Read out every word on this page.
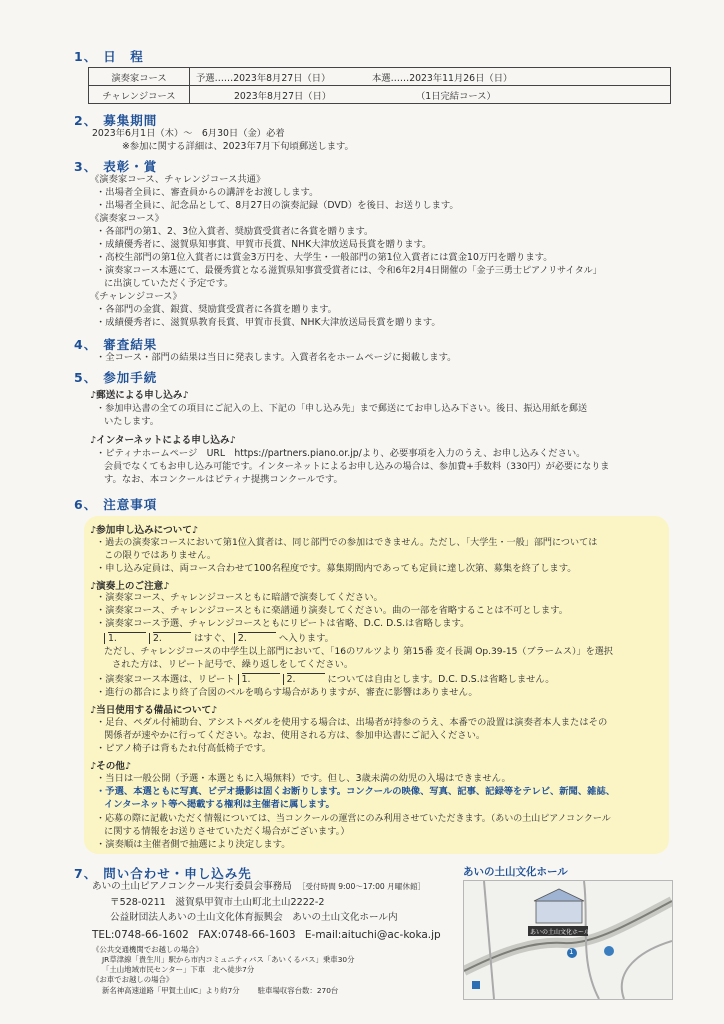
1、 日　程
演奏家コース	予選……2023年8月27日（日） 本選……2023年11月26日（日）
チャレンジコース	2023年8月27日（日） （1日完結コース）
2、 募集期間
2023年6月1日（木）～　6月30日（金）必着
※参加に関する詳細は、2023年7月下旬頃郵送します。
3、 表彰・賞
《演奏家コース、チャレンジコース共通》
・出場者全員に、審査員からの講評をお渡しします。
・出場者全員に、記念品として、8月27日の演奏記録（DVD）を後日、お送りします。
《演奏家コース》
・各部門の第1、2、3位入賞者、奨励賞受賞者に各賞を贈ります。
・成績優秀者に、滋賀県知事賞、甲賀市長賞、NHK大津放送局長賞を贈ります。
・高校生部門の第1位入賞者には賞金3万円を、大学生・一般部門の第1位入賞者には賞金10万円を贈ります。
・演奏家コース本選にて、最優秀賞となる滋賀県知事賞受賞者には、令和6年2月4日開催の「金子三勇士ピアノリサイタル」
に出演していただく予定です。
《チャレンジコース》
・各部門の金賞、銀賞、奨励賞受賞者に各賞を贈ります。
・成績優秀者に、滋賀県教育長賞、甲賀市長賞、NHK大津放送局長賞を贈ります。
4、 審査結果
・全コース・部門の結果は当日に発表します。入賞者名をホームページに掲載します。
5、 参加手続
♪郵送による申し込み♪
・参加申込書の全ての項目にご記入の上、下記の「申し込み先」まで郵送にてお申し込み下さい。後日、振込用紙を郵送
いたします。
♪インターネットによる申し込み♪
・ピティナホームページ　URL　https://partners.piano.or.jp/より、必要事項を入力のうえ、お申し込みください。
会員でなくてもお申し込み可能です。インターネットによるお申し込みの場合は、参加費+手数料（330円）が必要になりま
す。なお、本コンクールはピティナ提携コンクールです。
6、 注意事項
♪参加申し込みについて♪
・過去の演奏家コースにおいて第1位入賞者は、同じ部門での参加はできません。ただし、「大学生・一般」部門については
この限りではありません。
・申し込み定員は、両コース合わせて100名程度です。募集期間内であっても定員に達し次第、募集を終了します。
♪演奏上のご注意♪
・演奏家コース、チャレンジコースともに暗譜で演奏してください。
・演奏家コース、チャレンジコースともに楽譜通り演奏してください。曲の一部を省略することは不可とします。
・演奏家コース予選、チャレンジコースともにリピートは省略、D.C. D.S.は省略します。
1.	2.	はすぐ、 2.	へ入ります。
ただし、チャレンジコースの中学生以上部門において、「16のワルツより 第15番 変イ長調 Op.39-15（ブラームス）」を選択
された方は、リピート記号で、繰り返しをしてください。
・演奏家コース本選は、リピート 1.	2.	については自由とします。D.C. D.S.は省略しません。
・進行の都合により終了合図のベルを鳴らす場合がありますが、審査に影響はありません。
♪当日使用する備品について♪
・足台、ペダル付補助台、アシストペダルを使用する場合は、出場者が持参のうえ、本番での設置は演奏者本人またはその
関係者が速やかに行ってください。なお、使用される方は、参加申込書にご記入ください。
・ピアノ椅子は背もたれ付高低椅子です。
♪その他♪
・当日は一般公開（予選・本選ともに入場無料）です。但し、3歳未満の幼児の入場はできません。
・予選、本選ともに写真、ビデオ撮影は固くお断りします。コンクールの映像、写真、記事、記録等をテレビ、新聞、雑誌、
インターネット等へ掲載する権利は主催者に属します。
・応募の際に記載いただく情報については、当コンクールの運営にのみ利用させていただきます。（あいの土山ピアノコンクール
に関する情報をお送りさせていただく場合がございます。）
・演奏順は主催者側で抽選により決定します。
7、 問い合わせ・申し込み先
あいの土山ピアノコンクール実行委員会事務局 ［受付時間 9:00～17:00 月曜休館］
〒528-0211　滋賀県甲賀市土山町北土山2222-2
公益財団法人あいの土山文化体育振興会　あいの土山文化ホール内
TEL:0748-66-1602 FAX:0748-66-1603 E-mail:aituchi@ac-koka.jp
《公共交通機関でお越しの場合》
JR草津線「貴生川」駅から市内コミュニティバス「あいくるバス」乗車30分
「土山地域市民センター」下車　北へ徒歩7分
《お車でお越しの場合》
新名神高速道路「甲賀土山IC」より約7分 駐車場収容台数：270台
あいの土山文化ホール
あいの土山文化ホール
1
